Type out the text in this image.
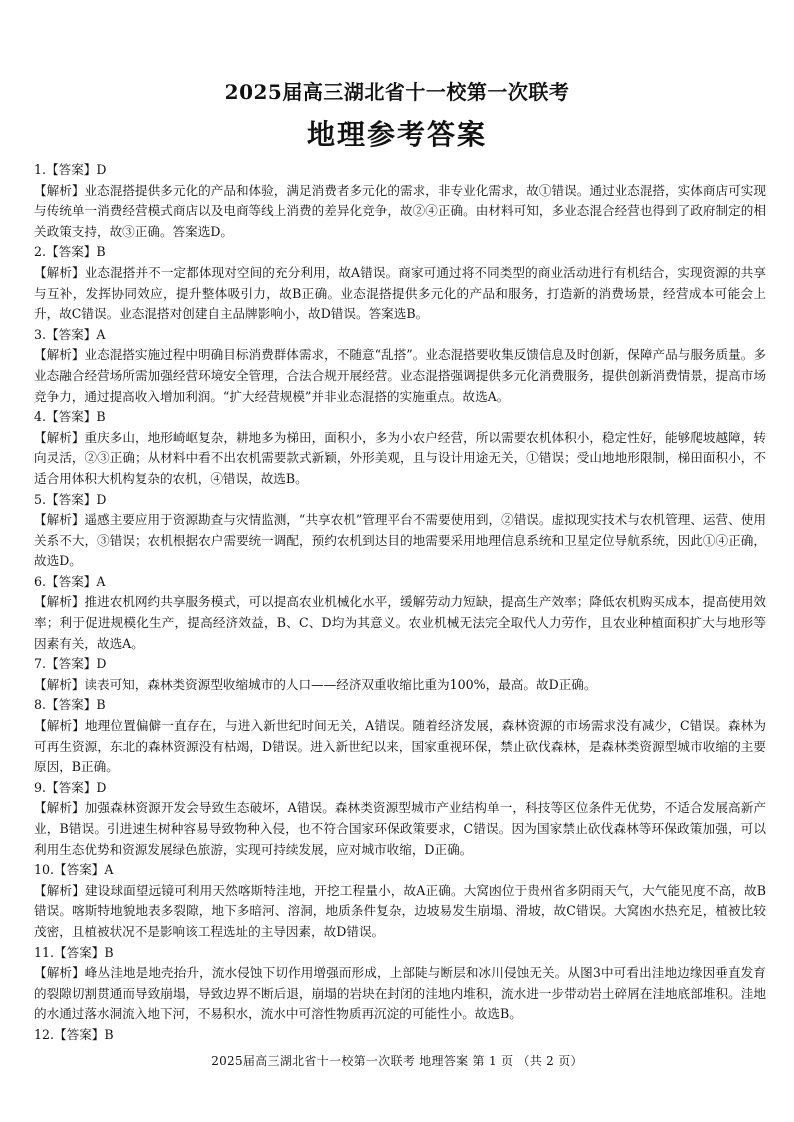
2025届高三湖北省十一校第一次联考
地理参考答案

1.【答案】D

【解析】业态混搭提供多元化的产品和体验，满足消费者多元化的需求，非专业化需求，故①错误。通过业态混搭，实体商店可实现与传统单一消费经营模式商店以及电商等线上消费的差异化竞争，故②④正确。由材料可知，多业态混合经营也得到了政府制定的相关政策支持，故③正确。答案选D。

2.【答案】B

【解析】业态混搭并不一定都体现对空间的充分利用，故A错误。商家可通过将不同类型的商业活动进行有机结合，实现资源的共享与互补，发挥协同效应，提升整体吸引力，故B正确。业态混搭提供多元化的产品和服务，打造新的消费场景，经营成本可能会上升，故C错误。业态混搭对创建自主品牌影响小，故D错误。答案选B。

3.【答案】A

【解析】业态混搭实施过程中明确目标消费群体需求，不随意“乱搭”。业态混搭要收集反馈信息及时创新，保障产品与服务质量。多业态融合经营场所需加强经营环境安全管理，合法合规开展经营。业态混搭强调提供多元化消费服务，提供创新消费情景，提高市场竞争力，通过提高收入增加利润。“扩大经营规模”并非业态混搭的实施重点。故选A。

4.【答案】B

【解析】重庆多山，地形崎岖复杂，耕地多为梯田，面积小，多为小农户经营，所以需要农机体积小，稳定性好，能够爬坡越障，转向灵活，②③正确；从材料中看不出农机需要款式新颖，外形美观，且与设计用途无关，①错误；受山地地形限制，梯田面积小，不适合用体积大机构复杂的农机，④错误，故选B。

5.【答案】D

【解析】遥感主要应用于资源勘查与灾情监测，“共享农机”管理平台不需要使用到，②错误。虚拟现实技术与农机管理、运营、使用关系不大，③错误；农机根据农户需要统一调配，预约农机到达目的地需要采用地理信息系统和卫星定位导航系统，因此①④正确，故选D。

6.【答案】A

【解析】推进农机网约共享服务模式，可以提高农业机械化水平，缓解劳动力短缺，提高生产效率；降低农机购买成本，提高使用效率；利于促进规模化生产，提高经济效益，B、C、D均为其意义。农业机械无法完全取代人力劳作，且农业种植面积扩大与地形等因素有关，故选A。

7.【答案】D

【解析】读表可知，森林类资源型收缩城市的人口——经济双重收缩比重为100%，最高。故D正确。

8.【答案】B

【解析】地理位置偏僻一直存在，与进入新世纪时间无关，A错误。随着经济发展，森林资源的市场需求没有减少，C错误。森林为可再生资源，东北的森林资源没有枯竭，D错误。进入新世纪以来，国家重视环保，禁止砍伐森林，是森林类资源型城市收缩的主要原因，B正确。

9.【答案】D

【解析】加强森林资源开发会导致生态破坏，A错误。森林类资源型城市产业结构单一，科技等区位条件无优势，不适合发展高新产业，B错误。引进速生树种容易导致物种入侵，也不符合国家环保政策要求，C错误。因为国家禁止砍伐森林等环保政策加强，可以利用生态优势和资源发展绿色旅游，实现可持续发展，应对城市收缩，D正确。

10.【答案】A

【解析】建设球面望远镜可利用天然喀斯特洼地，开挖工程量小，故A正确。大窝凼位于贵州省多阴雨天气，大气能见度不高，故B错误。喀斯特地貌地表多裂隙，地下多暗河、溶洞，地质条件复杂，边坡易发生崩塌、滑坡，故C错误。大窝凼水热充足，植被比较茂密，且植被状况不是影响该工程选址的主导因素，故D错误。

11.【答案】B

【解析】峰丛洼地是地壳抬升，流水侵蚀下切作用增强而形成，上部陡与断层和冰川侵蚀无关。从图3中可看出洼地边缘因垂直发育的裂隙切割贯通而导致崩塌，导致边界不断后退，崩塌的岩块在封闭的洼地内堆积，流水进一步带动岩土碎屑在洼地底部堆积。洼地的水通过落水洞流入地下河，不易积水，流水中可溶性物质再沉淀的可能性小。故选B。

12.【答案】B

2025届高三湖北省十一校第一次联考 地理答案 第 1 页 （共 2 页）
